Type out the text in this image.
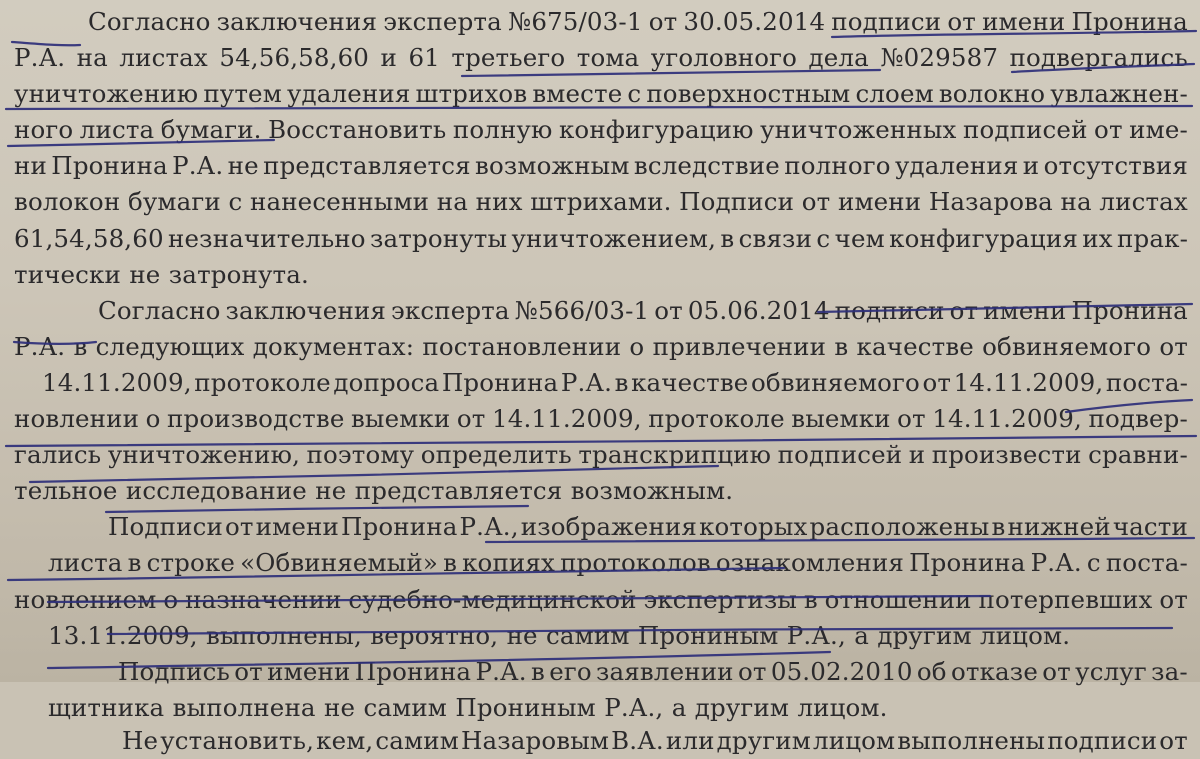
Согласно заключения эксперта №675/03-1 от 30.05.2014 подписи от имени Пронина
Р.А. на листах 54,56,58,60 и 61 третьего тома уголовного дела №029587 подвергались
уничтожению путем удаления штрихов вместе с поверхностным слоем волокно увлажнен-
ного листа бумаги. Восстановить полную конфигурацию уничтоженных подписей от име-
ни Пронина Р.А. не представляется возможным вследствие полного удаления и отсутствия
волокон бумаги с нанесенными на них штрихами. Подписи от имени Назарова на листах
61,54,58,60 незначительно затронуты уничтожением, в связи с чем конфигурация их прак-
тически не затронута.
Согласно заключения эксперта №566/03-1 от 05.06.2014 подписи от имени Пронина
Р.А. в следующих документах: постановлении о привлечении в качестве обвиняемого от
14.11.2009, протоколе допроса Пронина Р.А. в качестве обвиняемого от 14.11.2009, поста-
новлении о производстве выемки от 14.11.2009, протоколе выемки от 14.11.2009, подвер-
гались уничтожению, поэтому определить транскрипцию подписей и произвести сравни-
тельное исследование не представляется возможным.
Подписи от имени Пронина Р.А., изображения которых расположены в нижней части
листа в строке «Обвиняемый» в копиях протоколов ознакомления Пронина Р.А. с поста-
новлением о назначении судебно-медицинской экспертизы в отношении потерпевших от
13.11.2009, выполнены, вероятно, не самим Прониным Р.А., а другим лицом.
Подпись от имени Пронина Р.А. в его заявлении от 05.02.2010 об отказе от услуг за-
щитника выполнена не самим Прониным Р.А., а другим лицом.
Не установить, кем, самим Назаровым В.А. или другим лицом выполнены подписи от
